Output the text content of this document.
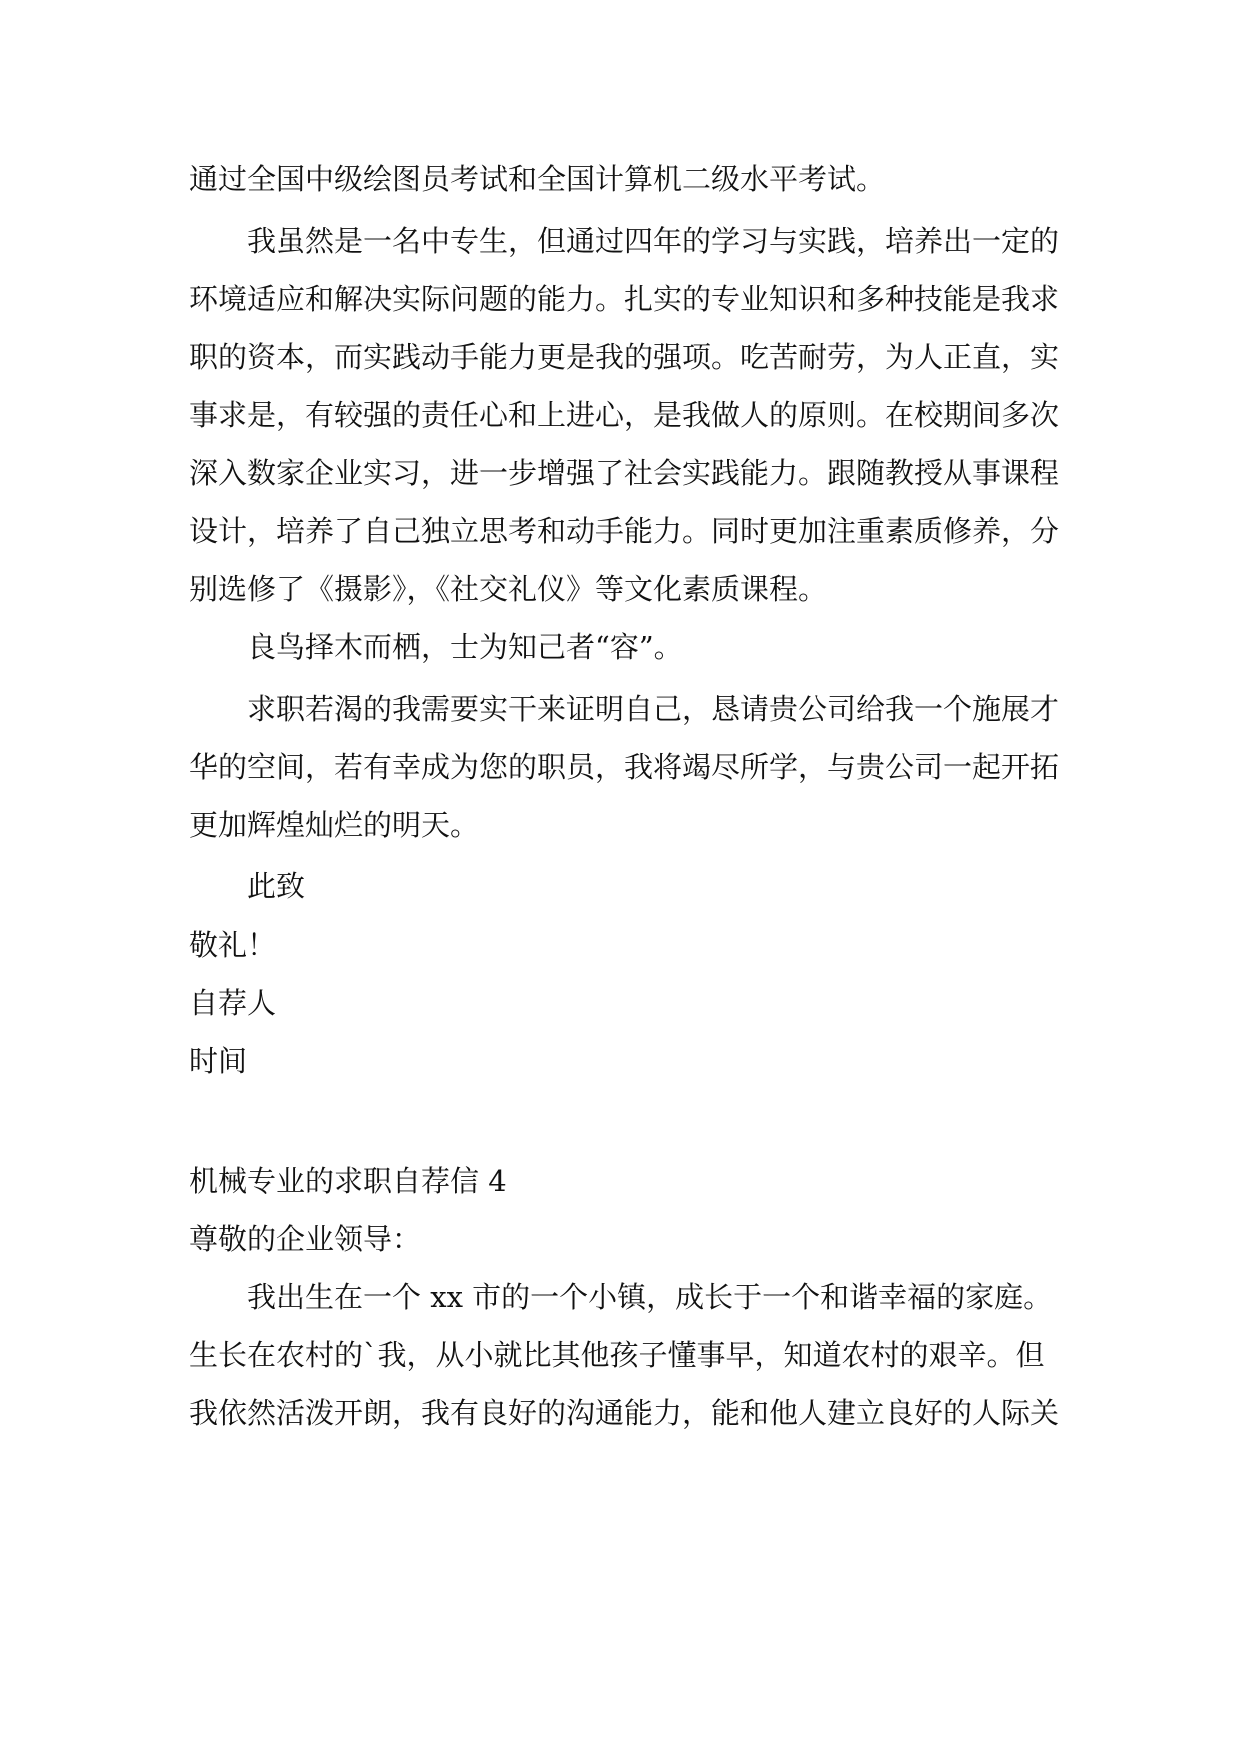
通过全国中级绘图员考试和全国计算机二级水平考试。
我虽然是一名中专生，但通过四年的学习与实践，培养出一定的
环境适应和解决实际问题的能力。扎实的专业知识和多种技能是我求
职的资本，而实践动手能力更是我的强项。吃苦耐劳，为人正直，实
事求是，有较强的责任心和上进心，是我做人的原则。在校期间多次
深入数家企业实习，进一步增强了社会实践能力。跟随教授从事课程
设计，培养了自己独立思考和动手能力。同时更加注重素质修养，分
别选修了《摄影》，《社交礼仪》等文化素质课程。
良鸟择木而栖，士为知己者“容”。
求职若渴的我需要实干来证明自己，恳请贵公司给我一个施展才
华的空间，若有幸成为您的职员，我将竭尽所学，与贵公司一起开拓
更加辉煌灿烂的明天。
此致
敬礼！
自荐人
时间
机械专业的求职自荐信 4
尊敬的企业领导：
我出生在一个 xx 市的一个小镇，成长于一个和谐幸福的家庭。
生长在农村的`我，从小就比其他孩子懂事早，知道农村的艰辛。但
我依然活泼开朗，我有良好的沟通能力，能和他人建立良好的人际关
